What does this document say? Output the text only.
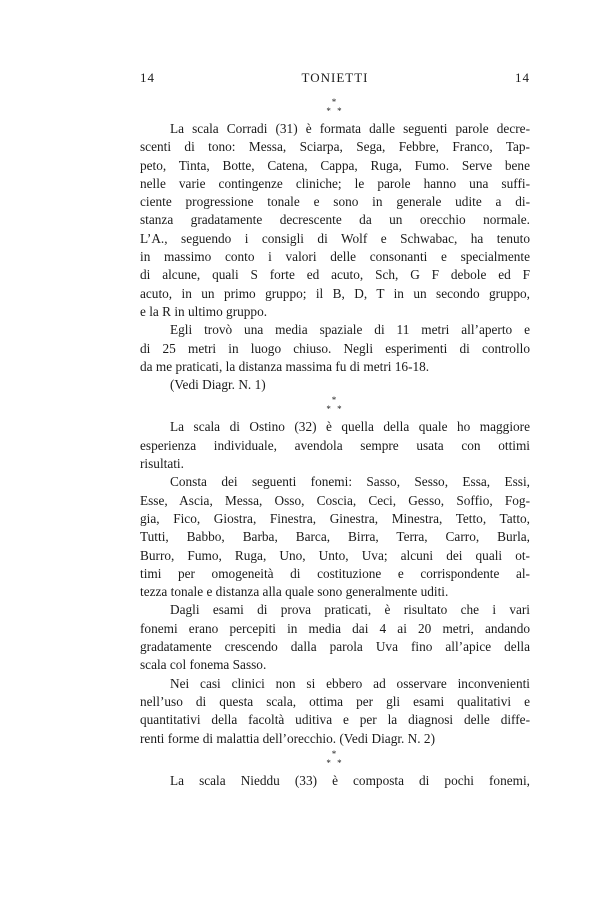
14	TONIETTI	14
*
* *

La scala Corradi (31) è formata dalle seguenti parole decre-
scenti di tono: Messa, Sciarpa, Sega, Febbre, Franco, Tap-
peto, Tinta, Botte, Catena, Cappa, Ruga, Fumo. Serve bene
nelle varie contingenze cliniche; le parole hanno una suffi-
ciente progressione tonale e sono in generale udite a di-
stanza gradatamente decrescente da un orecchio normale.
L’A., seguendo i consigli di Wolf e Schwabac, ha tenuto
in massimo conto i valori delle consonanti e specialmente
di alcune, quali S forte ed acuto, Sch, G F debole ed F
acuto, in un primo gruppo; il B, D, T in un secondo gruppo,
e la R in ultimo gruppo.

Egli trovò una media spaziale di 11 metri all’aperto e
di 25 metri in luogo chiuso. Negli esperimenti di controllo
da me praticati, la distanza massima fu di metri 16-18.
(Vedi Diagr. N. 1)

*
* *

La scala di Ostino (32) è quella della quale ho maggiore
esperienza individuale, avendola sempre usata con ottimi
risultati.

Consta dei seguenti fonemi: Sasso, Sesso, Essa, Essi,
Esse, Ascia, Messa, Osso, Coscia, Ceci, Gesso, Soffio, Fog-
gia, Fico, Giostra, Finestra, Ginestra, Minestra, Tetto, Tatto,
Tutti, Babbo, Barba, Barca, Birra, Terra, Carro, Burla,
Burro, Fumo, Ruga, Uno, Unto, Uva; alcuni dei quali ot-
timi per omogeneità di costituzione e corrispondente al-
tezza tonale e distanza alla quale sono generalmente uditi.

Dagli esami di prova praticati, è risultato che i vari
fonemi erano percepiti in media dai 4 ai 20 metri, andando
gradatamente crescendo dalla parola Uva fino all’apice della
scala col fonema Sasso.

Nei casi clinici non si ebbero ad osservare inconvenienti
nell’uso di questa scala, ottima per gli esami qualitativi e
quantitativi della facoltà uditiva e per la diagnosi delle diffe-
renti forme di malattia dell’orecchio. (Vedi Diagr. N. 2)

*
* *

La scala Nieddu (33) è composta di pochi fonemi,
